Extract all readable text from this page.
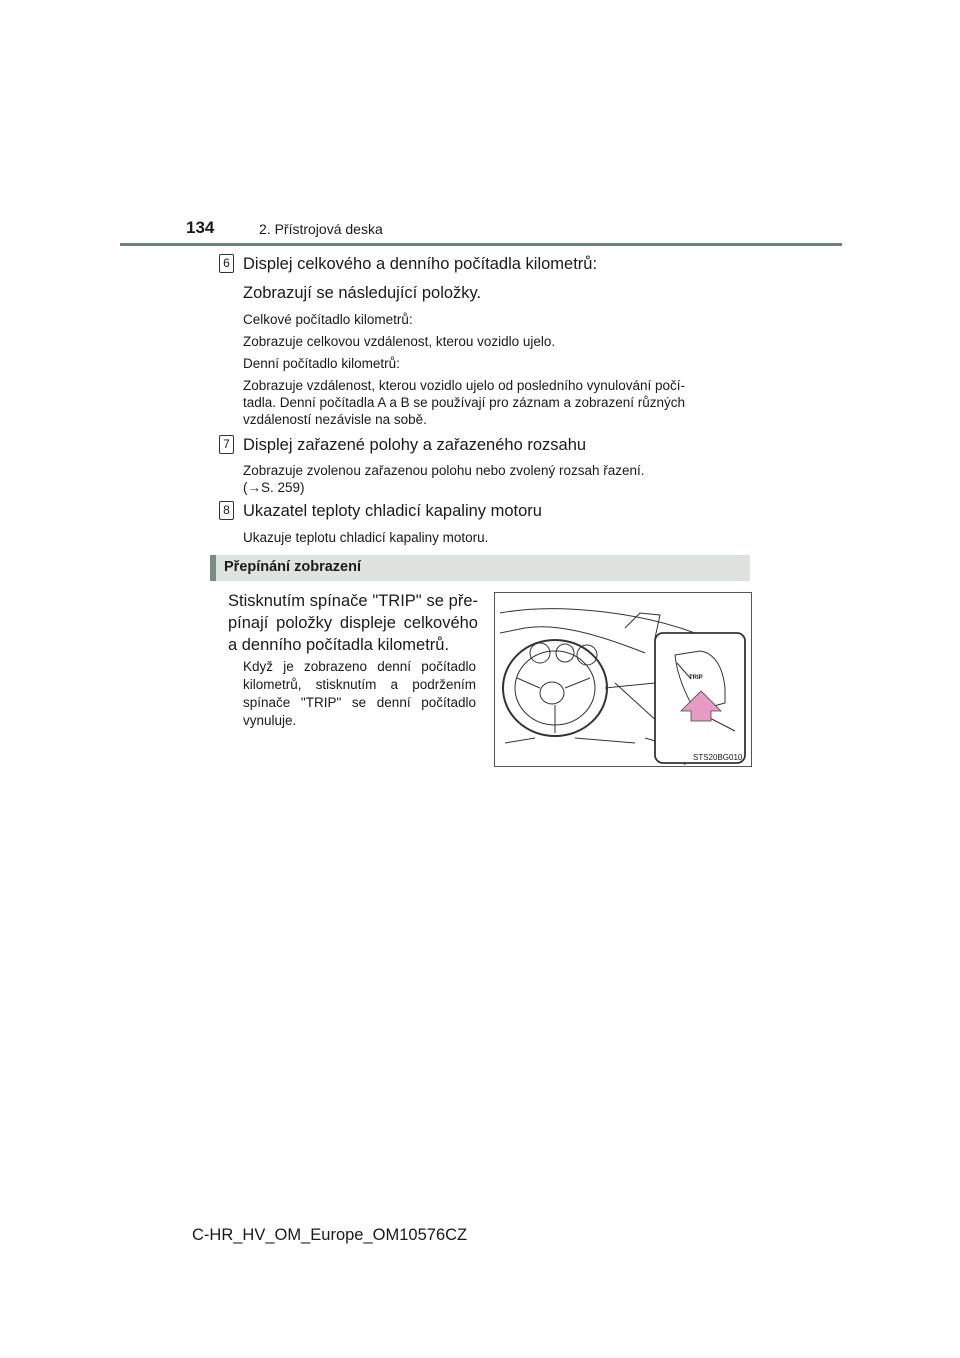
134	2. Přístrojová deska
6 Displej celkového a denního počítadla kilometrů:
Zobrazují se následující položky.
Celkové počítadlo kilometrů:
Zobrazuje celkovou vzdálenost, kterou vozidlo ujelo.
Denní počítadlo kilometrů:
Zobrazuje vzdálenost, kterou vozidlo ujelo od posledního vynulování počí-
tadla. Denní počítadla A a B se používají pro záznam a zobrazení různých
vzdáleností nezávisle na sobě.
7 Displej zařazené polohy a zařazeného rozsahu
Zobrazuje zvolenou zařazenou polohu nebo zvolený rozsah řazení.
(→S. 259)
8 Ukazatel teploty chladicí kapaliny motoru
Ukazuje teplotu chladicí kapaliny motoru.
Přepínání zobrazení
Stisknutím spínače "TRIP" se pře-
pínají položky displeje celkového
a denního počítadla kilometrů.
Když je zobrazeno denní počítadlo
kilometrů, stisknutím a podržením
spínače "TRIP" se denní počítadlo
vynuluje.
TRIP
STS20BG010
C-HR_HV_OM_Europe_OM10576CZ
